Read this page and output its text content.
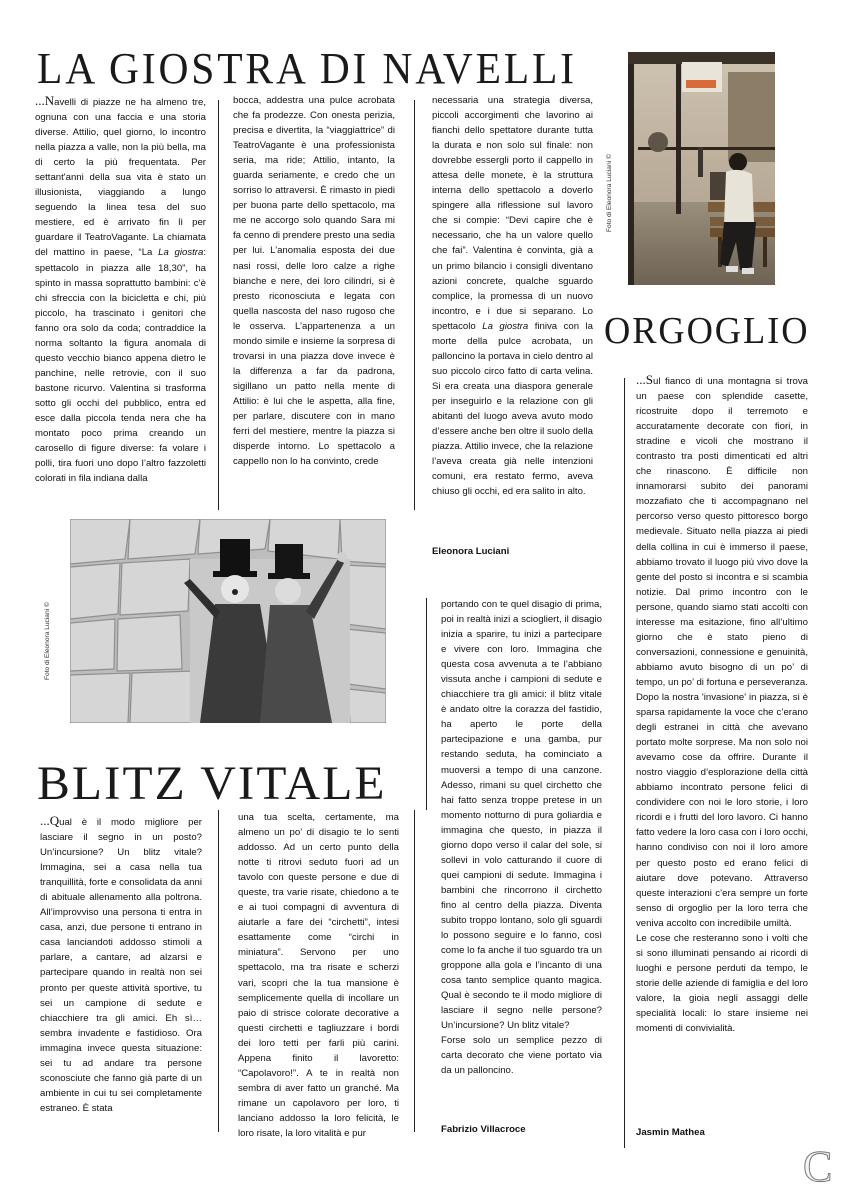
LA GIOSTRA DI NAVELLI

...Navelli di piazze ne ha almeno tre, ognuna con una faccia e una storia diverse. Attilio, quel giorno, lo incontro nella piazza a valle, non la più bella, ma di certo la più frequentata. Per settant'anni della sua vita è stato un illusionista, viaggiando a lungo seguendo la linea tesa del suo mestiere, ed è arrivato fin lì per guardare il TeatroVagante. La chiamata del mattino in paese, “La La giostra: spettacolo in piazza alle 18,30”, ha spinto in massa soprattutto bambini: c’è chi sfreccia con la bicicletta e chi, più piccolo, ha trascinato i genitori che fanno ora solo da coda; contraddice la norma soltanto la figura anomala di questo vecchio bianco appena dietro le panchine, nelle retrovie, con il suo bastone ricurvo. Valentina si trasforma sotto gli occhi del pubblico, entra ed esce dalla piccola tenda nera che ha montato poco prima creando un carosello di figure diverse: fa volare i polli, tira fuori uno dopo l’altro fazzoletti colorati in fila indiana dalla

bocca, addestra una pulce acrobata che fa prodezze. Con onesta perizia, precisa e divertita, la “viaggiattrice” di TeatroVagante è una professionista seria, ma ride; Attilio, intanto, la guarda seriamente, e credo che un sorriso lo attraversi. È rimasto in piedi per buona parte dello spettacolo, ma me ne accorgo solo quando Sara mi fa cenno di prendere presto una sedia per lui. L’anomalia esposta dei due nasi rossi, delle loro calze a righe bianche e nere, dei loro cilindri, si è presto riconosciuta e legata con quella nascosta del naso rugoso che le osserva. L’appartenenza a un mondo simile e insieme la sorpresa di trovarsi in una piazza dove invece è la differenza a far da padrona, sigillano un patto nella mente di Attilio: è lui che le aspetta, alla fine, per parlare, discutere con in mano ferri del mestiere, mentre la piazza si disperde intorno. Lo spettacolo a cappello non lo ha convinto, crede

necessaria una strategia diversa, piccoli accorgimenti che lavorino ai fianchi dello spettatore durante tutta la durata e non solo sul finale: non dovrebbe essergli porto il cappello in attesa delle monete, è la struttura interna dello spettacolo a doverlo spingere alla riflessione sul lavoro che si compie: “Devi capire che è necessario, che ha un valore quello che fai”. Valentina è convinta, già a un primo bilancio i consigli diventano azioni concrete, qualche sguardo complice, la promessa di un nuovo incontro, e i due si separano. Lo spettacolo La giostra finiva con la morte della pulce acrobata, un palloncino la portava in cielo dentro al suo piccolo circo fatto di carta velina. Si era creata una diaspora generale per inseguirlo e la relazione con gli abitanti del luogo aveva avuto modo d’essere anche ben oltre il suolo della piazza. Attilio invece, che la relazione l’aveva creata già nelle intenzioni comuni, era restato fermo, aveva chiuso gli occhi, ed era salito in alto.

Eleonora Luciani
Foto di Eleonora Luciani ©
ORGOGLIO

...Sul fianco di una montagna si trova un paese con splendide casette, ricostruite dopo il terremoto e accuratamente decorate con fiori, in stradine e vicoli che mostrano il contrasto tra posti dimenticati ed altri che rinascono. È difficile non innamorarsi subito dei panorami mozzafiato che ti accompagnano nel percorso verso questo pittoresco borgo medievale. Situato nella piazza ai piedi della collina in cui è immerso il paese, abbiamo trovato il luogo più vivo dove la gente del posto si incontra e si scambia notizie. Dal primo incontro con le persone, quando siamo stati accolti con interesse ma esitazione, fino all’ultimo giorno che è stato pieno di conversazioni, connessione e genuinità, abbiamo avuto bisogno di un po’ di tempo, un po’ di fortuna e perseveranza.

Dopo la nostra 'invasione' in piazza, si è sparsa rapidamente la voce che c’erano degli estranei in città che avevano portato molte sorprese. Ma non solo noi avevamo cose da offrire. Durante il nostro viaggio d’esplorazione della città abbiamo incontrato persone felici di condividere con noi le loro storie, i loro ricordi e i frutti del loro lavoro. Ci hanno fatto vedere la loro casa con i loro occhi, hanno condiviso con noi il loro amore per questo posto ed erano felici di aiutare dove potevano. Attraverso queste interazioni c’era sempre un forte senso di orgoglio per la loro terra che veniva accolto con incredibile umiltà.

Le cose che resteranno sono i volti che si sono illuminati pensando ai ricordi di luoghi e persone perduti da tempo, le storie delle aziende di famiglia e del loro valore, la gioia negli assaggi delle specialità locali: lo stare insieme nei momenti di convivialità.

Jasmin Mathea
Foto di Eleonora Luciani ©
BLITZ VITALE

...Qual è il modo migliore per lasciare il segno in un posto? Un’incursione? Un blitz vitale? Immagina, sei a casa nella tua tranquillità, forte e consolidata da anni di abituale allenamento alla poltrona. All’improvviso una persona ti entra in casa, anzi, due persone ti entrano in casa lanciandoti addosso stimoli a parlare, a cantare, ad alzarsi e partecipare quando in realtà non sei pronto per queste attività sportive, tu sei un campione di sedute e chiacchiere tra gli amici. Eh sì… sembra invadente e fastidioso. Ora immagina invece questa situazione: sei tu ad andare tra persone sconosciute che fanno già parte di un ambiente in cui tu sei completamente estraneo. È stata

una tua scelta, certamente, ma almeno un po’ di disagio te lo senti addosso. Ad un certo punto della notte ti ritrovi seduto fuori ad un tavolo con queste persone e due di queste, tra varie risate, chiedono a te e ai tuoi compagni di avventura di aiutarle a fare dei “circhetti”, intesi esattamente come “circhi in miniatura”. Servono per uno spettacolo, ma tra risate e scherzi vari, scopri che la tua mansione è semplicemente quella di incollare un paio di strisce colorate decorative a questi circhetti e tagliuzzare i bordi dei loro tetti per farli più carini. Appena finito il lavoretto: “Capolavoro!”. A te in realtà non sembra di aver fatto un granché. Ma rimane un capolavoro per loro, ti lanciano addosso la loro felicità, le loro risate, la loro vitalità e pur

portando con te quel disagio di prima, poi in realtà inizi a sciogliert, il disagio inizia a sparire, tu inizi a partecipare e vivere con loro. Immagina che questa cosa avvenuta a te l’abbiano vissuta anche i campioni di sedute e chiacchiere tra gli amici: il blitz vitale è andato oltre la corazza del fastidio, ha aperto le porte della partecipazione e una gamba, pur restando seduta, ha cominciato a muoversi a tempo di una canzone. Adesso, rimani su quel circhetto che hai fatto senza troppe pretese in un momento notturno di pura goliardia e immagina che questo, in piazza il giorno dopo verso il calar del sole, si sollevi in volo catturando il cuore di quei campioni di sedute. Immagina i bambini che rincorrono il circhetto fino al centro della piazza. Diventa subito troppo lontano, solo gli sguardi lo possono seguire e lo fanno, così come lo fa anche il tuo sguardo tra un groppone alla gola e l’incanto di una cosa tanto semplice quanto magica. Qual è secondo te il modo migliore di lasciare il segno nelle persone? Un’incursione? Un blitz vitale?

Forse solo un semplice pezzo di carta decorato che viene portato via da un palloncino.

Fabrizio Villacroce
C
